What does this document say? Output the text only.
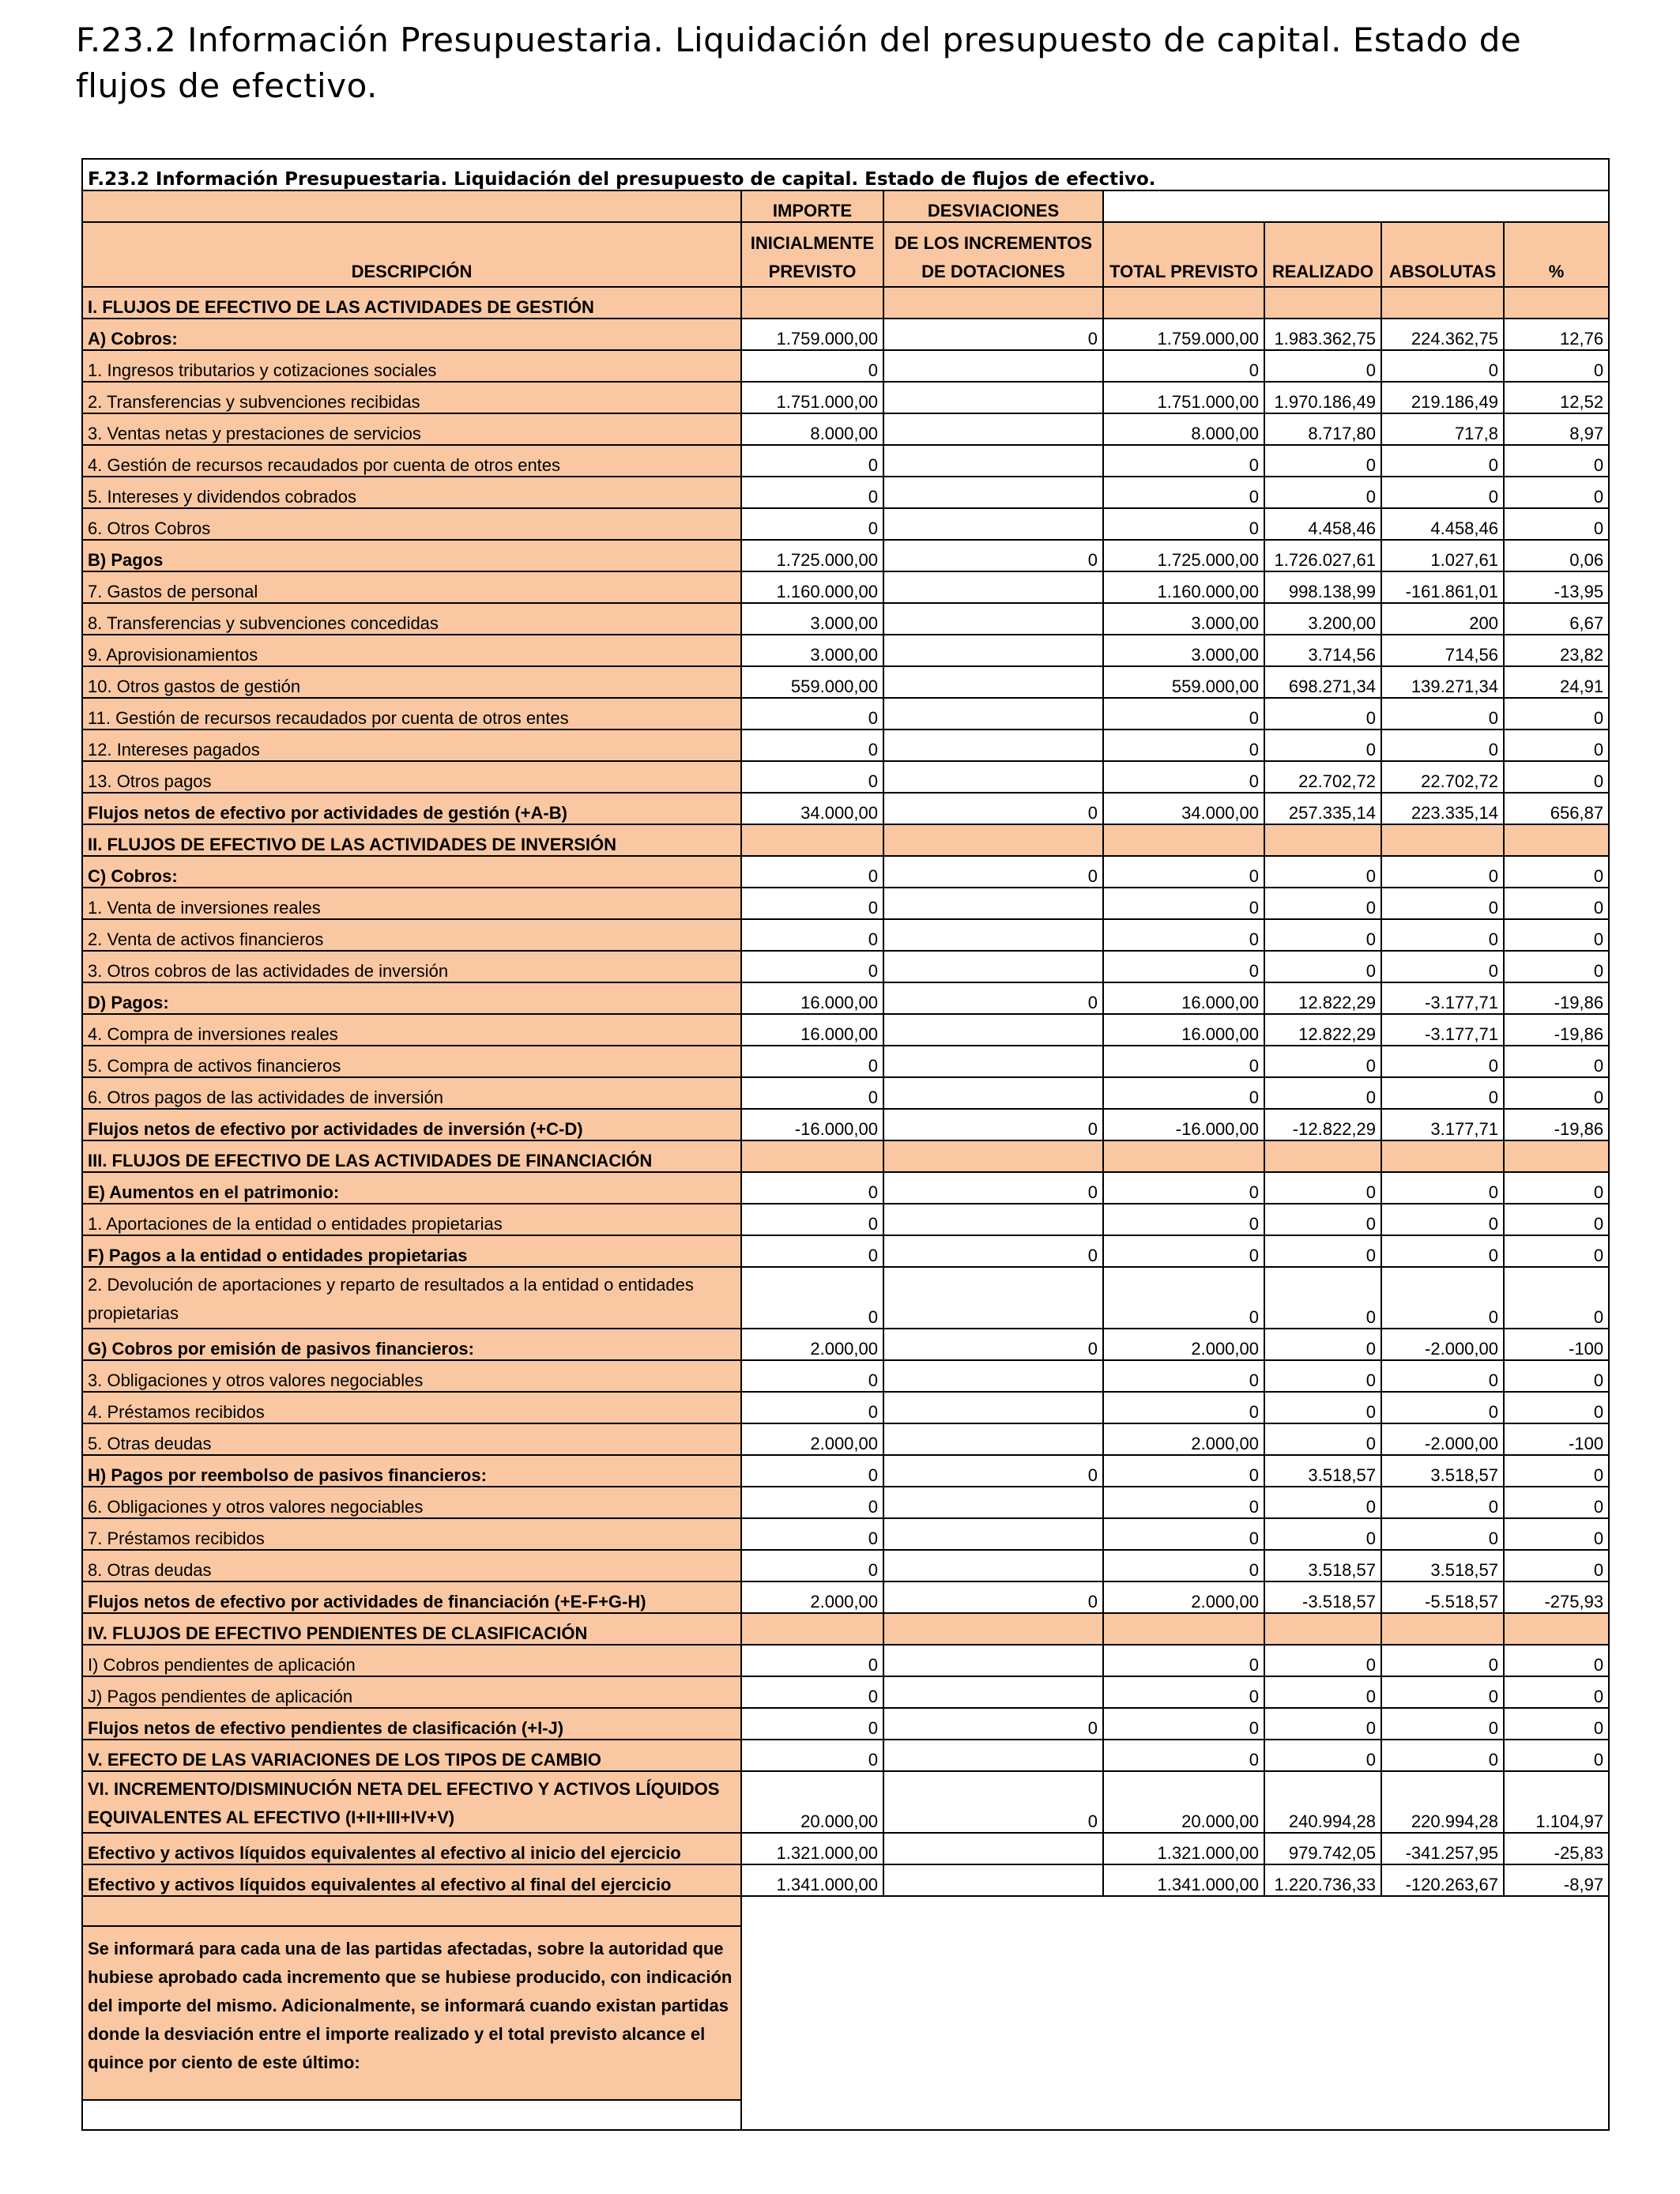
F.23.2 Información Presupuestaria. Liquidación del presupuesto de capital. Estado de flujos de efectivo.
F.23.2 Información Presupuestaria. Liquidación del presupuesto de capital. Estado de flujos de efectivo.						
	IMPORTE	DESVIACIONES				
DESCRIPCIÓN	INICIALMENTE PREVISTO	DE LOS INCREMENTOS DE DOTACIONES	TOTAL PREVISTO	REALIZADO	ABSOLUTAS	%
I. FLUJOS DE EFECTIVO DE LAS ACTIVIDADES DE GESTIÓN						
A) Cobros:	1.759.000,00	0	1.759.000,00	1.983.362,75	224.362,75	12,76
1. Ingresos tributarios y cotizaciones sociales	0		0	0	0	0
2. Transferencias y subvenciones recibidas	1.751.000,00		1.751.000,00	1.970.186,49	219.186,49	12,52
3. Ventas netas y prestaciones de servicios	8.000,00		8.000,00	8.717,80	717,8	8,97
4. Gestión de recursos recaudados por cuenta de otros entes	0		0	0	0	0
5. Intereses y dividendos cobrados	0		0	0	0	0
6. Otros Cobros	0		0	4.458,46	4.458,46	0
B) Pagos	1.725.000,00	0	1.725.000,00	1.726.027,61	1.027,61	0,06
7. Gastos de personal	1.160.000,00		1.160.000,00	998.138,99	-161.861,01	-13,95
8. Transferencias y subvenciones concedidas	3.000,00		3.000,00	3.200,00	200	6,67
9. Aprovisionamientos	3.000,00		3.000,00	3.714,56	714,56	23,82
10. Otros gastos de gestión	559.000,00		559.000,00	698.271,34	139.271,34	24,91
11. Gestión de recursos recaudados por cuenta de otros entes	0		0	0	0	0
12. Intereses pagados	0		0	0	0	0
13. Otros pagos	0		0	22.702,72	22.702,72	0
Flujos netos de efectivo por actividades de gestión (+A-B)	34.000,00	0	34.000,00	257.335,14	223.335,14	656,87
II. FLUJOS DE EFECTIVO DE LAS ACTIVIDADES DE INVERSIÓN						
C) Cobros:	0	0	0	0	0	0
1. Venta de inversiones reales	0		0	0	0	0
2. Venta de activos financieros	0		0	0	0	0
3. Otros cobros de las actividades de inversión	0		0	0	0	0
D) Pagos:	16.000,00	0	16.000,00	12.822,29	-3.177,71	-19,86
4. Compra de inversiones reales	16.000,00		16.000,00	12.822,29	-3.177,71	-19,86
5. Compra de activos financieros	0		0	0	0	0
6. Otros pagos de las actividades de inversión	0		0	0	0	0
Flujos netos de efectivo por actividades de inversión (+C-D)	-16.000,00	0	-16.000,00	-12.822,29	3.177,71	-19,86
III. FLUJOS DE EFECTIVO DE LAS ACTIVIDADES DE FINANCIACIÓN						
E) Aumentos en el patrimonio:	0	0	0	0	0	0
1. Aportaciones de la entidad o entidades propietarias	0		0	0	0	0
F) Pagos a la entidad o entidades propietarias	0	0	0	0	0	0
2. Devolución de aportaciones y reparto de resultados a la entidad o entidades propietarias	0		0	0	0	0
G) Cobros por emisión de pasivos financieros:	2.000,00	0	2.000,00	0	-2.000,00	-100
3. Obligaciones y otros valores negociables	0		0	0	0	0
4. Préstamos recibidos	0		0	0	0	0
5. Otras deudas	2.000,00		2.000,00	0	-2.000,00	-100
H) Pagos por reembolso de pasivos financieros:	0	0	0	3.518,57	3.518,57	0
6. Obligaciones y otros valores negociables	0		0	0	0	0
7. Préstamos recibidos	0		0	0	0	0
8. Otras deudas	0		0	3.518,57	3.518,57	0
Flujos netos de efectivo por actividades de financiación (+E-F+G-H)	2.000,00	0	2.000,00	-3.518,57	-5.518,57	-275,93
IV. FLUJOS DE EFECTIVO PENDIENTES DE CLASIFICACIÓN						
I) Cobros pendientes de aplicación	0		0	0	0	0
J) Pagos pendientes de aplicación	0		0	0	0	0
Flujos netos de efectivo pendientes de clasificación (+I-J)	0	0	0	0	0	0
V. EFECTO DE LAS VARIACIONES DE LOS TIPOS DE CAMBIO	0		0	0	0	0
VI. INCREMENTO/DISMINUCIÓN NETA DEL EFECTIVO Y ACTIVOS LÍQUIDOS EQUIVALENTES AL EFECTIVO (I+II+III+IV+V)	20.000,00	0	20.000,00	240.994,28	220.994,28	1.104,97
Efectivo y activos líquidos equivalentes al efectivo al inicio del ejercicio	1.321.000,00		1.321.000,00	979.742,05	-341.257,95	-25,83
Efectivo y activos líquidos equivalentes al efectivo al final del ejercicio	1.341.000,00		1.341.000,00	1.220.736,33	-120.263,67	-8,97

Se informará para cada una de las partidas afectadas, sobre la autoridad que hubiese aprobado cada incremento que se hubiese producido, con indicación del importe del mismo. Adicionalmente, se informará cuando existan partidas donde la desviación entre el importe realizado y el total previsto alcance el quince por ciento de este último:
